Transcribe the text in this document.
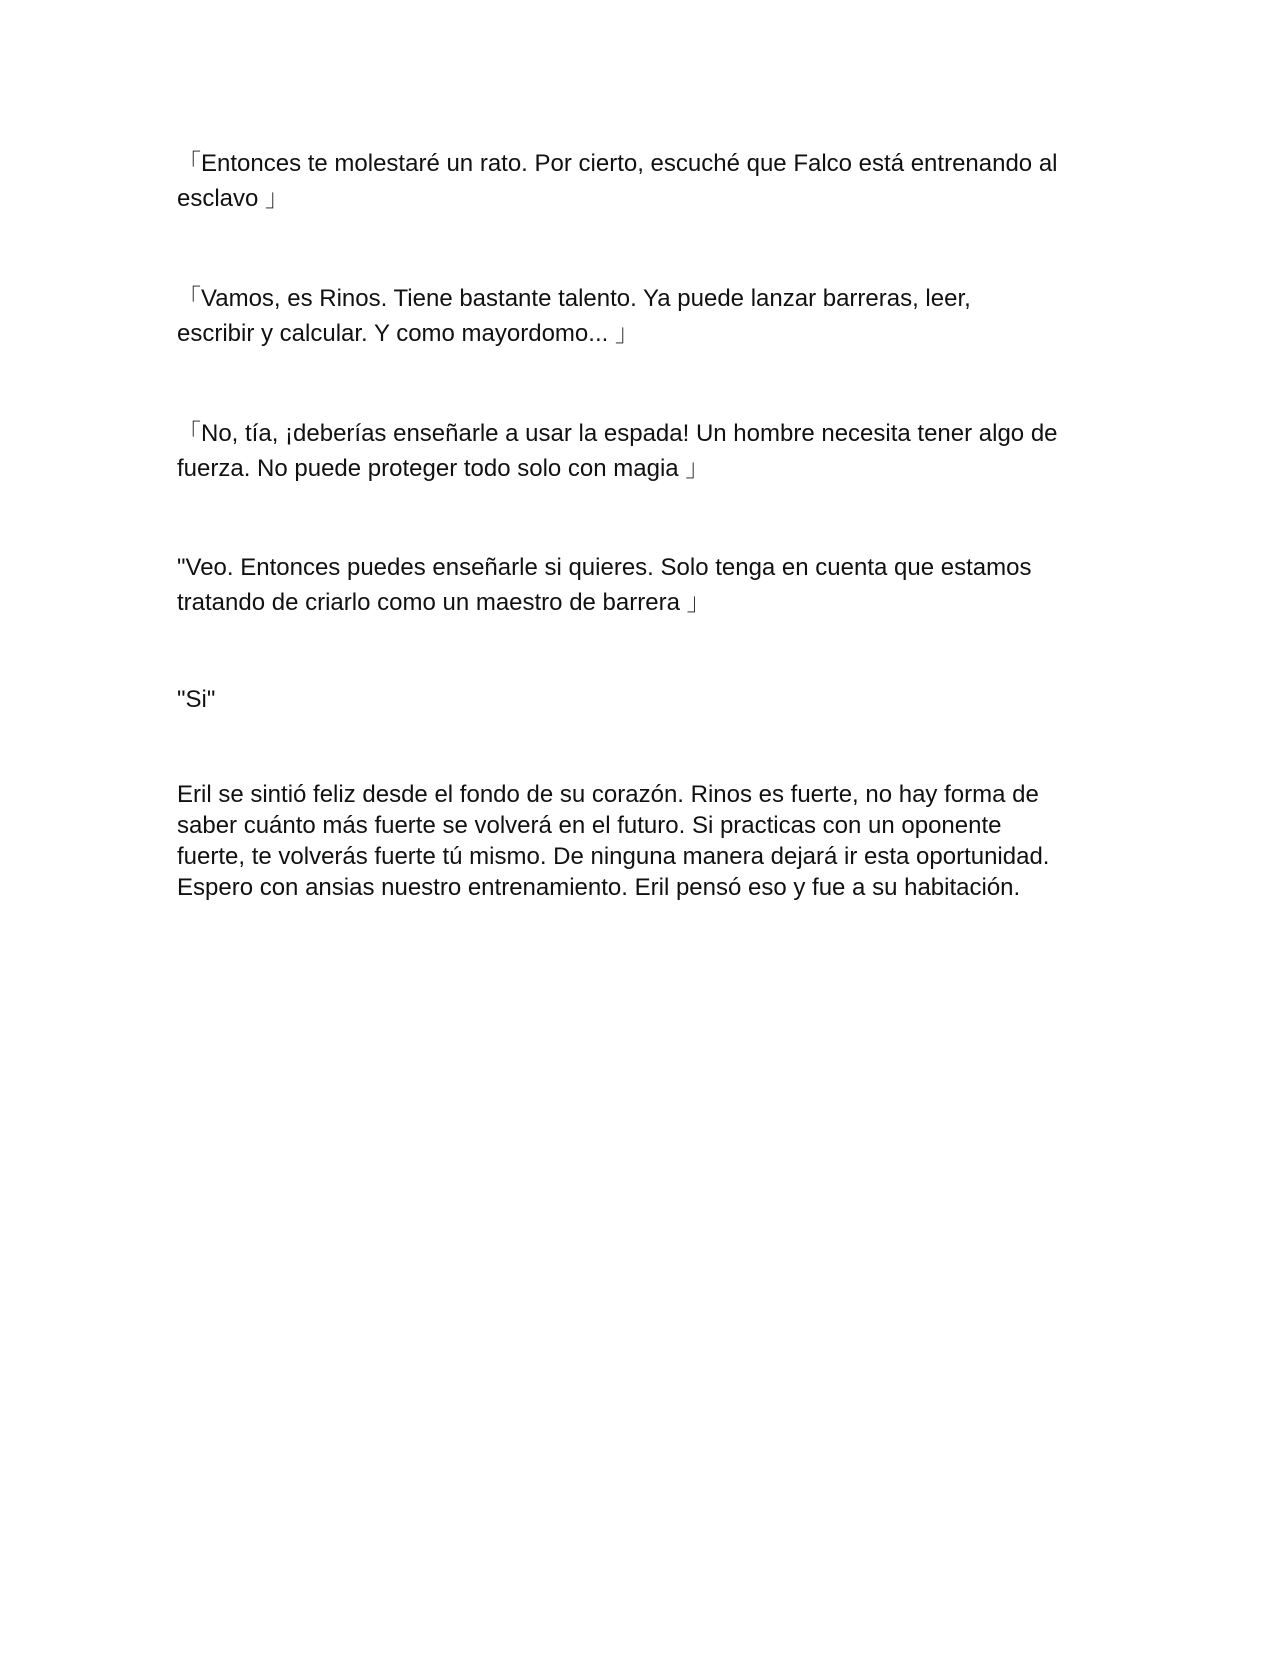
「Entonces te molestaré un rato. Por cierto, escuché que Falco está entrenando al
esclavo 」

「Vamos, es Rinos. Tiene bastante talento. Ya puede lanzar barreras, leer,
escribir y calcular. Y como mayordomo... 」

「No, tía, ¡deberías enseñarle a usar la espada! Un hombre necesita tener algo de
fuerza. No puede proteger todo solo con magia 」

"Veo. Entonces puedes enseñarle si quieres. Solo tenga en cuenta que estamos
tratando de criarlo como un maestro de barrera 」

"Si"

Eril se sintió feliz desde el fondo de su corazón. Rinos es fuerte, no hay forma de
saber cuánto más fuerte se volverá en el futuro. Si practicas con un oponente
fuerte, te volverás fuerte tú mismo. De ninguna manera dejará ir esta oportunidad.
Espero con ansias nuestro entrenamiento. Eril pensó eso y fue a su habitación.
